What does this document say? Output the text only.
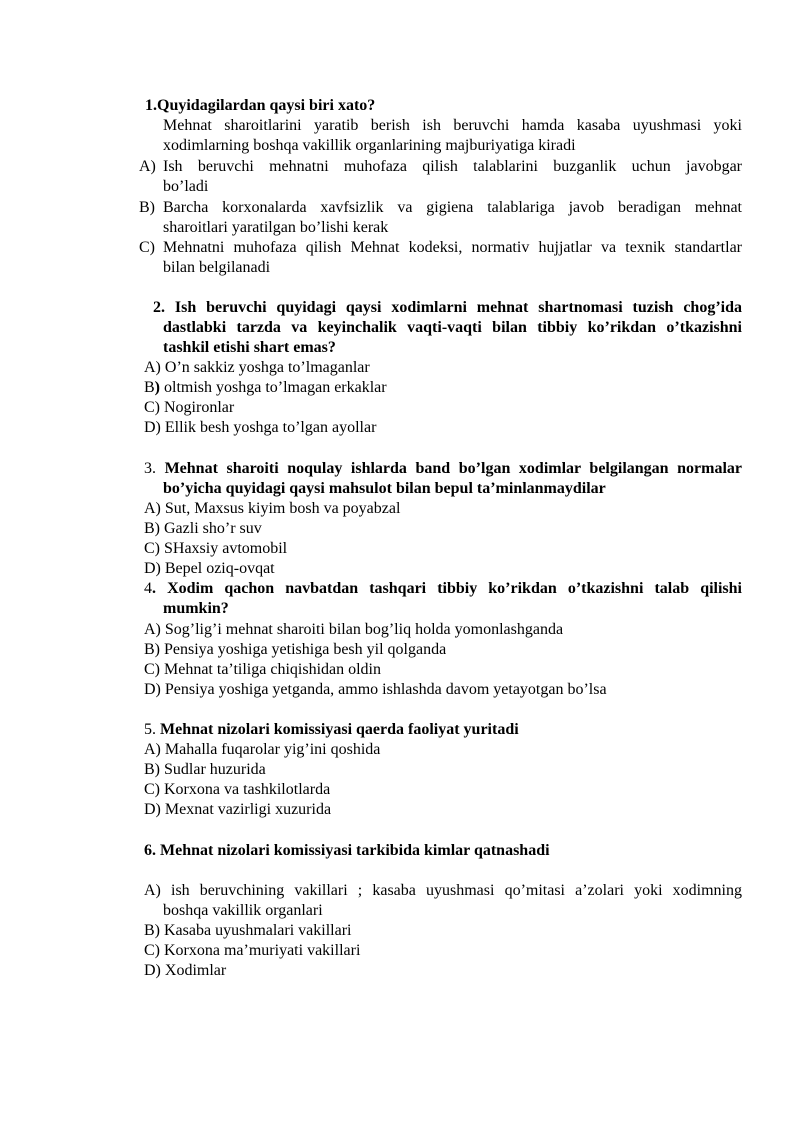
1.Quyidagilardan qaysi biri xato?
Mehnat sharoitlarini yaratib berish ish beruvchi hamda kasaba uyushmasi yoki
xodimlarning boshqa vakillik organlarining majburiyatiga kiradi
A) Ish beruvchi mehnatni muhofaza qilish talablarini buzganlik uchun javobgar
bo’ladi
B) Barcha korxonalarda xavfsizlik va gigiena talablariga javob beradigan mehnat
sharoitlari yaratilgan bo’lishi kerak
C) Mehnatni muhofaza qilish Mehnat kodeksi, normativ hujjatlar va texnik standartlar
bilan belgilanadi
2. Ish beruvchi quyidagi qaysi xodimlarni mehnat shartnomasi tuzish chog’ida
dastlabki tarzda va keyinchalik vaqti-vaqti bilan tibbiy ko’rikdan o’tkazishni
tashkil etishi shart emas?
A) O’n sakkiz yoshga to’lmaganlar
B) oltmish yoshga to’lmagan erkaklar
C) Nogironlar
D) Ellik besh yoshga to’lgan ayollar
3. Mehnat sharoiti noqulay ishlarda band bo’lgan xodimlar belgilangan normalar
bo’yicha quyidagi qaysi mahsulot bilan bepul ta’minlanmaydilar
A) Sut, Maxsus kiyim bosh va poyabzal
B) Gazli sho’r suv
C) SHaxsiy avtomobil
D) Bepel oziq-ovqat
4. Xodim qachon navbatdan tashqari tibbiy ko’rikdan o’tkazishni talab qilishi
mumkin?
A) Sog’lig’i mehnat sharoiti bilan bog’liq holda yomonlashganda
B) Pensiya yoshiga yetishiga besh yil qolganda
C) Mehnat ta’tiliga chiqishidan oldin
D) Pensiya yoshiga yetganda, ammo ishlashda davom yetayotgan bo’lsa
5. Mehnat nizolari komissiyasi qaerda faoliyat yuritadi
A) Mahalla fuqarolar yig’ini qoshida
B) Sudlar huzurida
C) Korxona va tashkilotlarda
D) Mexnat vazirligi xuzurida
6. Mehnat nizolari komissiyasi tarkibida kimlar qatnashadi
A) ish beruvchining vakillari ; kasaba uyushmasi qo’mitasi a’zolari yoki xodimning
boshqa vakillik organlari
B) Kasaba uyushmalari vakillari
C) Korxona ma’muriyati vakillari
D) Xodimlar
